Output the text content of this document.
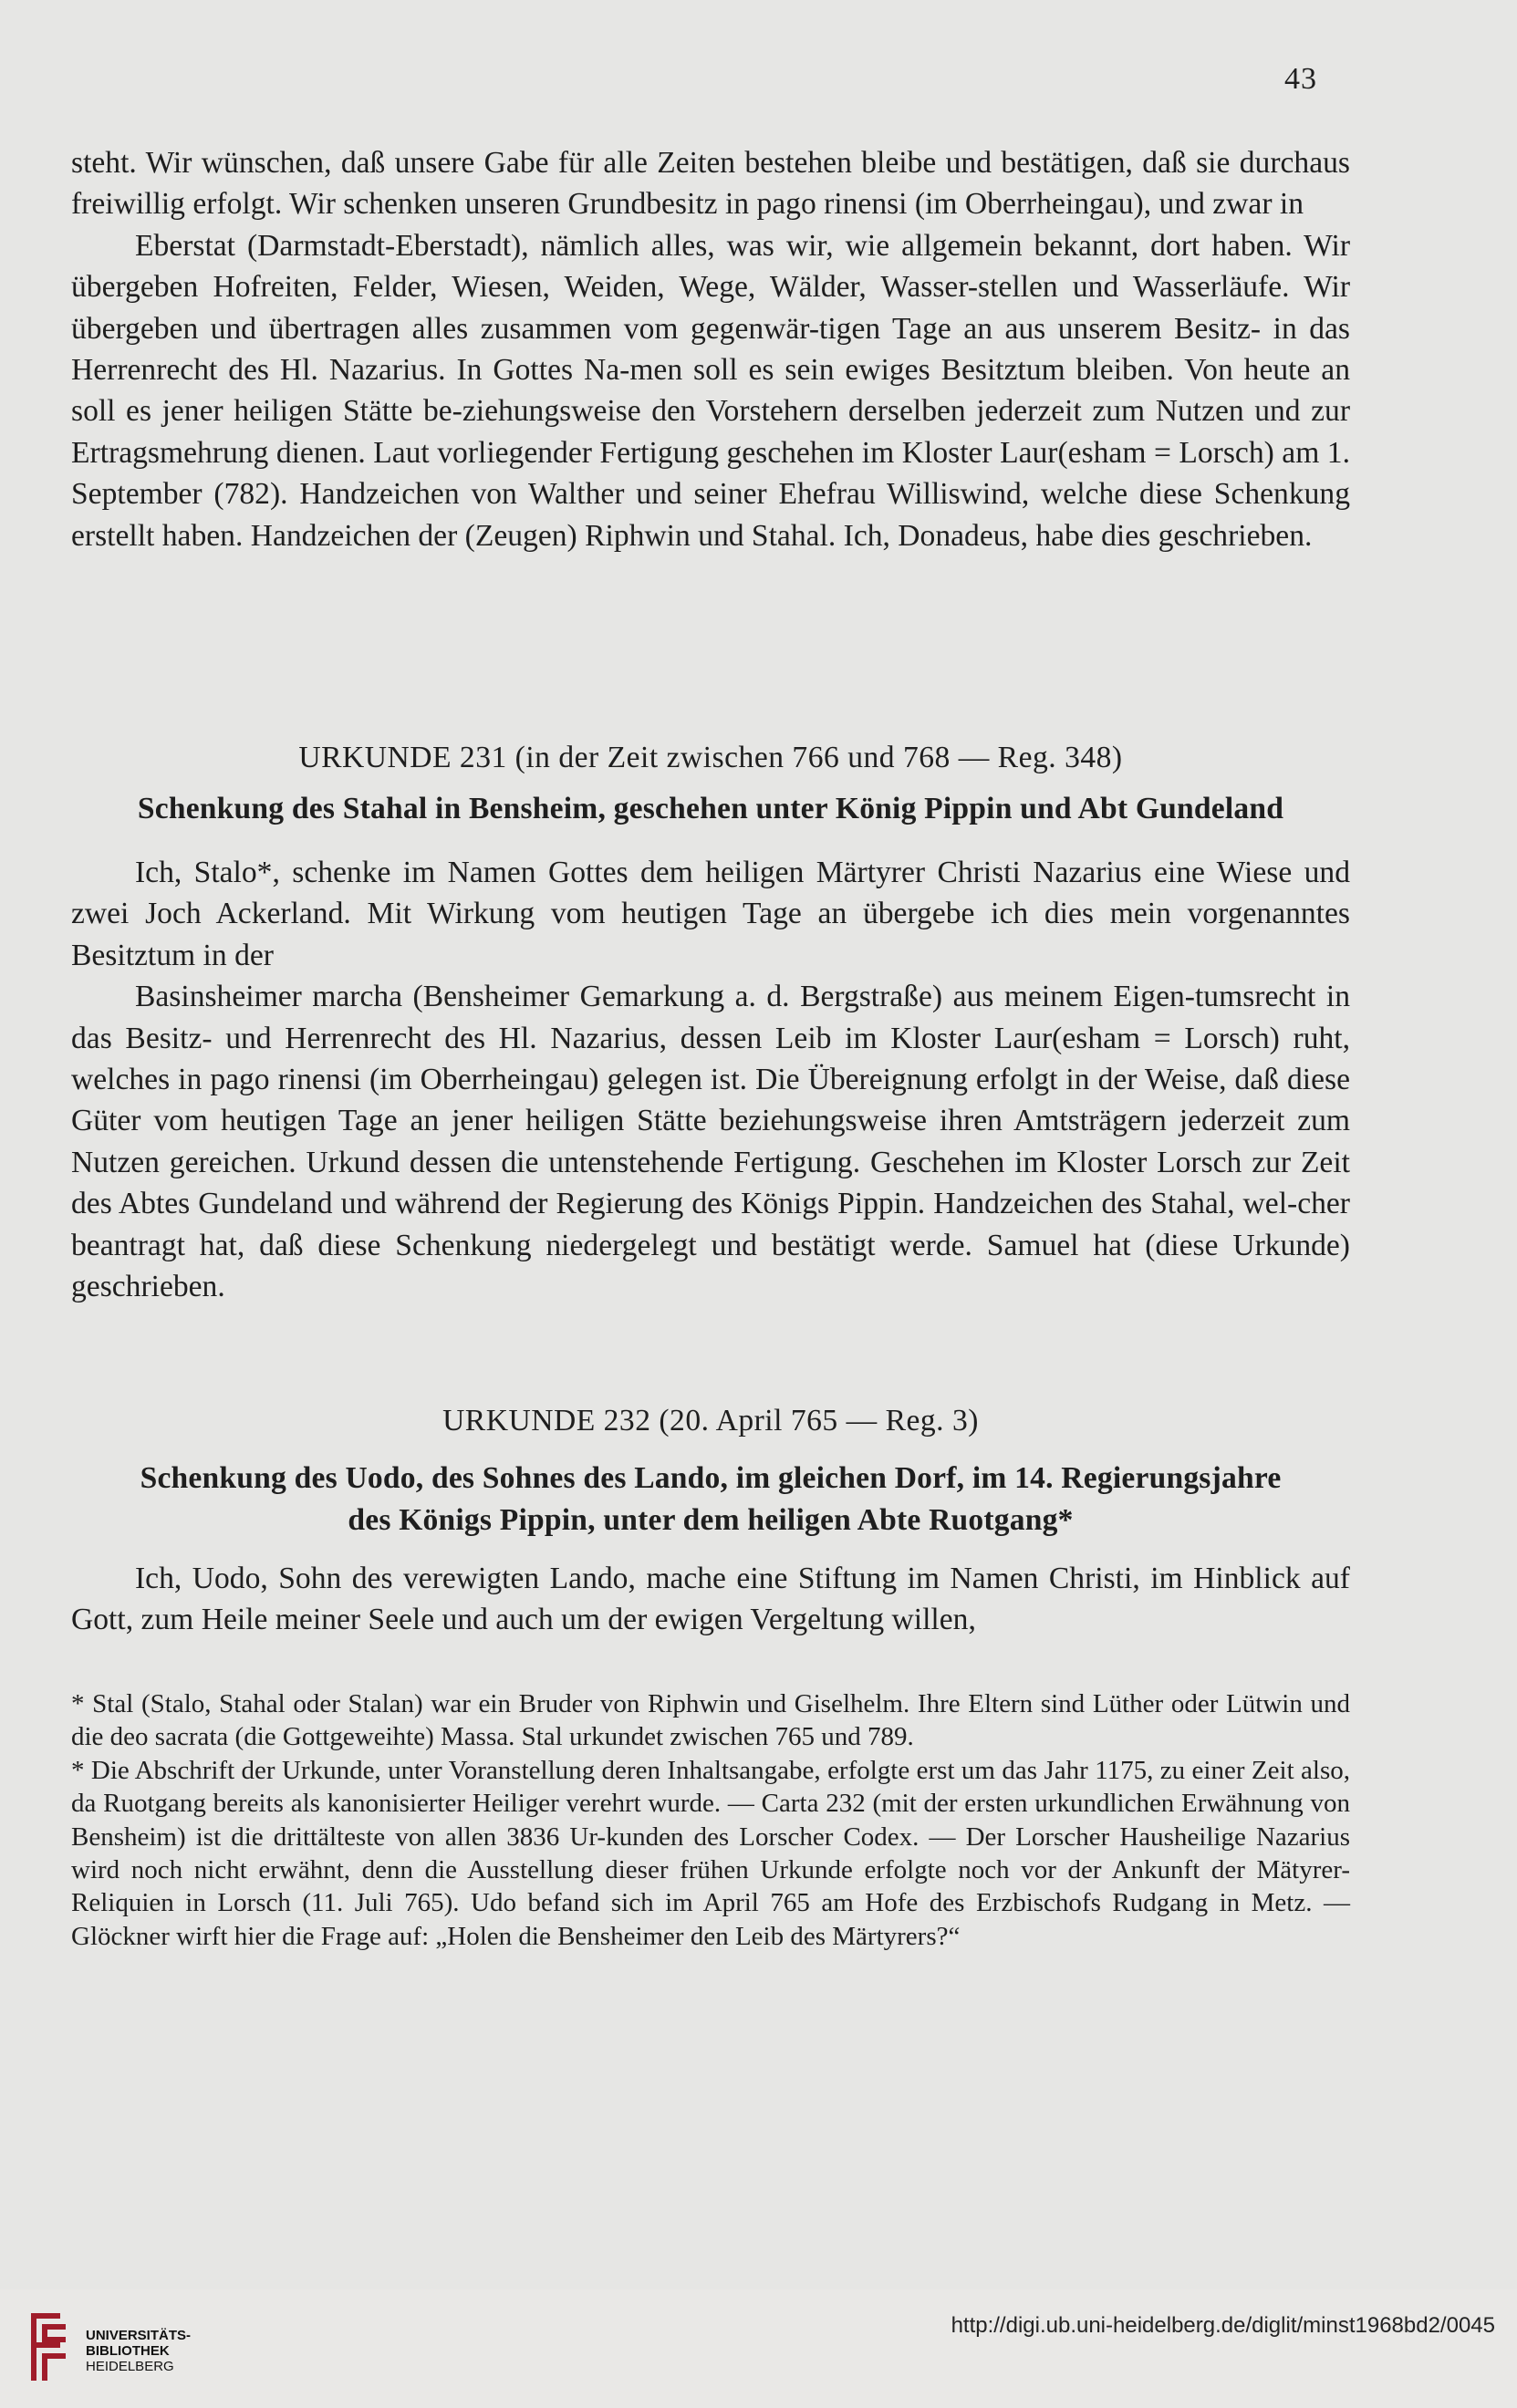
43

steht. Wir wünschen, daß unsere Gabe für alle Zeiten bestehen bleibe und bestätigen, daß sie durchaus freiwillig erfolgt. Wir schenken unseren Grundbesitz in pago rinensi (im Oberrheingau), und zwar in

Eberstat (Darmstadt-Eberstadt), nämlich alles, was wir, wie allgemein bekannt, dort haben. Wir übergeben Hofreiten, Felder, Wiesen, Weiden, Wege, Wälder, Wasser-stellen und Wasserläufe. Wir übergeben und übertragen alles zusammen vom gegenwär-tigen Tage an aus unserem Besitz- in das Herrenrecht des Hl. Nazarius. In Gottes Na-men soll es sein ewiges Besitztum bleiben. Von heute an soll es jener heiligen Stätte be-ziehungsweise den Vorstehern derselben jederzeit zum Nutzen und zur Ertragsmehrung dienen. Laut vorliegender Fertigung geschehen im Kloster Laur(esham = Lorsch) am 1. September (782). Handzeichen von Walther und seiner Ehefrau Williswind, welche diese Schenkung erstellt haben. Handzeichen der (Zeugen) Riphwin und Stahal. Ich, Donadeus, habe dies geschrieben.

URKUNDE 231 (in der Zeit zwischen 766 und 768 — Reg. 348)

Schenkung des Stahal in Bensheim, geschehen unter König Pippin und Abt Gundeland

Ich, Stalo*, schenke im Namen Gottes dem heiligen Märtyrer Christi Nazarius eine Wiese und zwei Joch Ackerland. Mit Wirkung vom heutigen Tage an übergebe ich dies mein vorgenanntes Besitztum in der

Basinsheimer marcha (Bensheimer Gemarkung a. d. Bergstraße) aus meinem Eigen-tumsrecht in das Besitz- und Herrenrecht des Hl. Nazarius, dessen Leib im Kloster Laur(esham = Lorsch) ruht, welches in pago rinensi (im Oberrheingau) gelegen ist. Die Übereignung erfolgt in der Weise, daß diese Güter vom heutigen Tage an jener heiligen Stätte beziehungsweise ihren Amtsträgern jederzeit zum Nutzen gereichen. Urkund dessen die untenstehende Fertigung. Geschehen im Kloster Lorsch zur Zeit des Abtes Gundeland und während der Regierung des Königs Pippin. Handzeichen des Stahal, wel-cher beantragt hat, daß diese Schenkung niedergelegt und bestätigt werde. Samuel hat (diese Urkunde) geschrieben.

URKUNDE 232 (20. April 765 — Reg. 3)

Schenkung des Uodo, des Sohnes des Lando, im gleichen Dorf, im 14. Regierungsjahre

des Königs Pippin, unter dem heiligen Abte Ruotgang*

Ich, Uodo, Sohn des verewigten Lando, mache eine Stiftung im Namen Christi, im Hinblick auf Gott, zum Heile meiner Seele und auch um der ewigen Vergeltung willen,

* Stal (Stalo, Stahal oder Stalan) war ein Bruder von Riphwin und Giselhelm. Ihre Eltern sind Lüther oder Lütwin und die deo sacrata (die Gottgeweihte) Massa. Stal urkundet zwischen 765 und 789.

* Die Abschrift der Urkunde, unter Voranstellung deren Inhaltsangabe, erfolgte erst um das Jahr 1175, zu einer Zeit also, da Ruotgang bereits als kanonisierter Heiliger verehrt wurde. — Carta 232 (mit der ersten urkundlichen Erwähnung von Bensheim) ist die drittälteste von allen 3836 Ur-kunden des Lorscher Codex. — Der Lorscher Hausheilige Nazarius wird noch nicht erwähnt, denn die Ausstellung dieser frühen Urkunde erfolgte noch vor der Ankunft der Mätyrer-Reliquien in Lorsch (11. Juli 765). Udo befand sich im April 765 am Hofe des Erzbischofs Rudgang in Metz. — Glöckner wirft hier die Frage auf: „Holen die Bensheimer den Leib des Märtyrers?“

UNIVERSITÄTS-
BIBLIOTHEK
HEIDELBERG
http://digi.ub.uni-heidelberg.de/diglit/minst1968bd2/0045
